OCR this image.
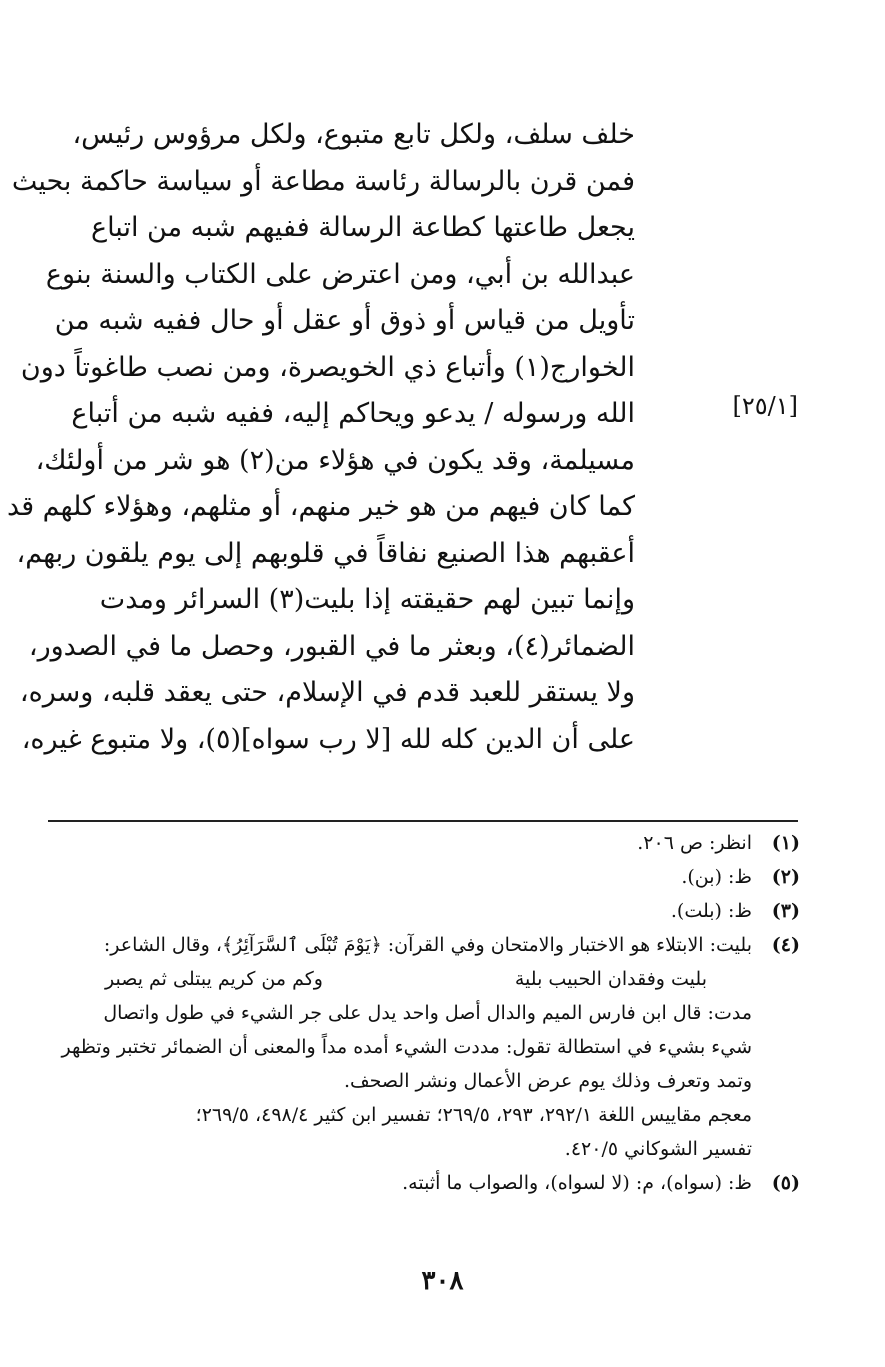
خلف سلف، ولكل تابع متبوع، ولكل مرؤوس رئيس،
فمن قرن بالرسالة رئاسة مطاعة أو سياسة حاكمة بحيث
يجعل طاعتها كطاعة الرسالة ففيهم شبه من اتباع
عبدالله بن أبي، ومن اعترض على الكتاب والسنة بنوع
تأويل من قياس أو ذوق أو عقل أو حال ففيه شبه من
الخوارج(١) وأتباع ذي الخويصرة، ومن نصب طاغوتاً دون
الله ورسوله / يدعو ويحاكم إليه، ففيه شبه من أتباع
مسيلمة، وقد يكون في هؤلاء من(٢) هو شر من أولئك،
كما كان فيهم من هو خير منهم، أو مثلهم، وهؤلاء كلهم قد
أعقبهم هذا الصنيع نفاقاً في قلوبهم إلى يوم يلقون ربهم،
وإنما تبين لهم حقيقته إذا بليت(٣) السرائر ومدت
الضمائر(٤)، وبعثر ما في القبور، وحصل ما في الصدور،
ولا يستقر للعبد قدم في الإسلام، حتى يعقد قلبه، وسره،
على أن الدين كله لله [لا رب سواه](٥)، ولا متبوع غيره،
[٢٥/١]
(١)
انظر: ص ٢٠٦.
(٢)
ظ: (بن).
(٣)
ظ: (بلت).
(٤)
بليت: الابتلاء هو الاختبار والامتحان وفي القرآن: ﴿يَوْمَ تُبْلَى ٱلسَّرَآئِرُ﴾، وقال الشاعر:
بليت وفقدان الحبيب بلية
وكم من كريم يبتلى ثم يصبر
مدت: قال ابن فارس الميم والدال أصل واحد يدل على جر الشيء في طول واتصال
شيء بشيء في استطالة تقول: مددت الشيء أمده مداً والمعنى أن الضمائر تختبر وتظهر
وتمد وتعرف وذلك يوم عرض الأعمال ونشر الصحف.
معجم مقاييس اللغة ٢٩٢/١، ٢٩٣، ٢٦٩/٥؛ تفسير ابن كثير ٤٩٨/٤، ٢٦٩/٥؛
تفسير الشوكاني ٤٢٠/٥.
(٥)
ظ: (سواه)، م: (لا لسواه)، والصواب ما أثبته.
٣٠٨
